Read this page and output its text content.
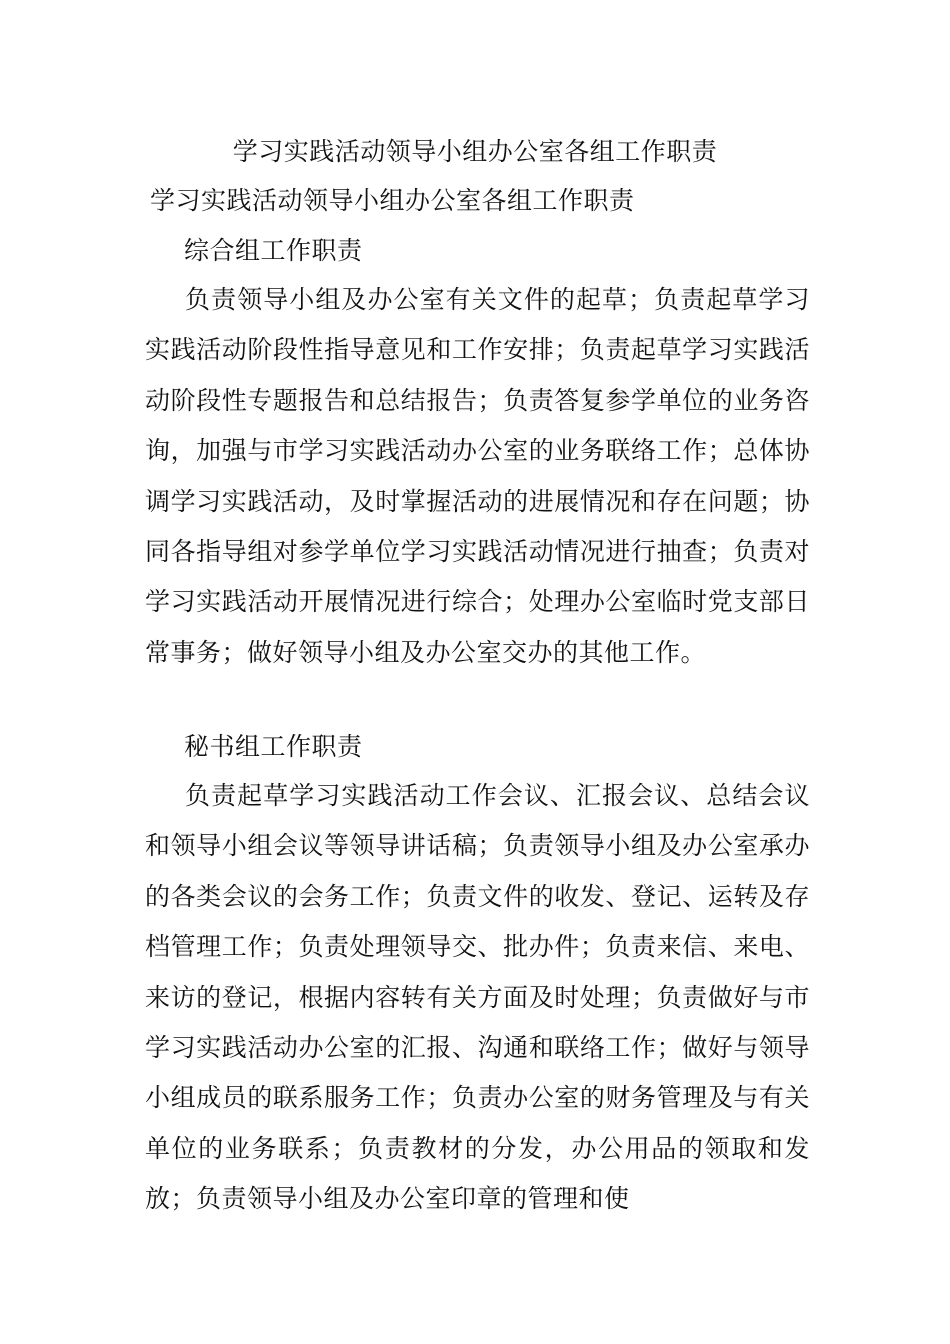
学习实践活动领导小组办公室各组工作职责
学习实践活动领导小组办公室各组工作职责
综合组工作职责

负责领导小组及办公室有关文件的起草；负责起草学习实践活动阶段性指导意见和工作安排；负责起草学习实践活动阶段性专题报告和总结报告；负责答复参学单位的业务咨询，加强与市学习实践活动办公室的业务联络工作；总体协调学习实践活动，及时掌握活动的进展情况和存在问题；协同各指导组对参学单位学习实践活动情况进行抽查；负责对学习实践活动开展情况进行综合；处理办公室临时党支部日常事务；做好领导小组及办公室交办的其他工作。

秘书组工作职责

负责起草学习实践活动工作会议、汇报会议、总结会议和领导小组会议等领导讲话稿；负责领导小组及办公室承办的各类会议的会务工作；负责文件的收发、登记、运转及存档管理工作；负责处理领导交、批办件；负责来信、来电、来访的登记，根据内容转有关方面及时处理；负责做好与市学习实践活动办公室的汇报、沟通和联络工作；做好与领导小组成员的联系服务工作；负责办公室的财务管理及与有关单位的业务联系；负责教材的分发，办公用品的领取和发放；负责领导小组及办公室印章的管理和使
